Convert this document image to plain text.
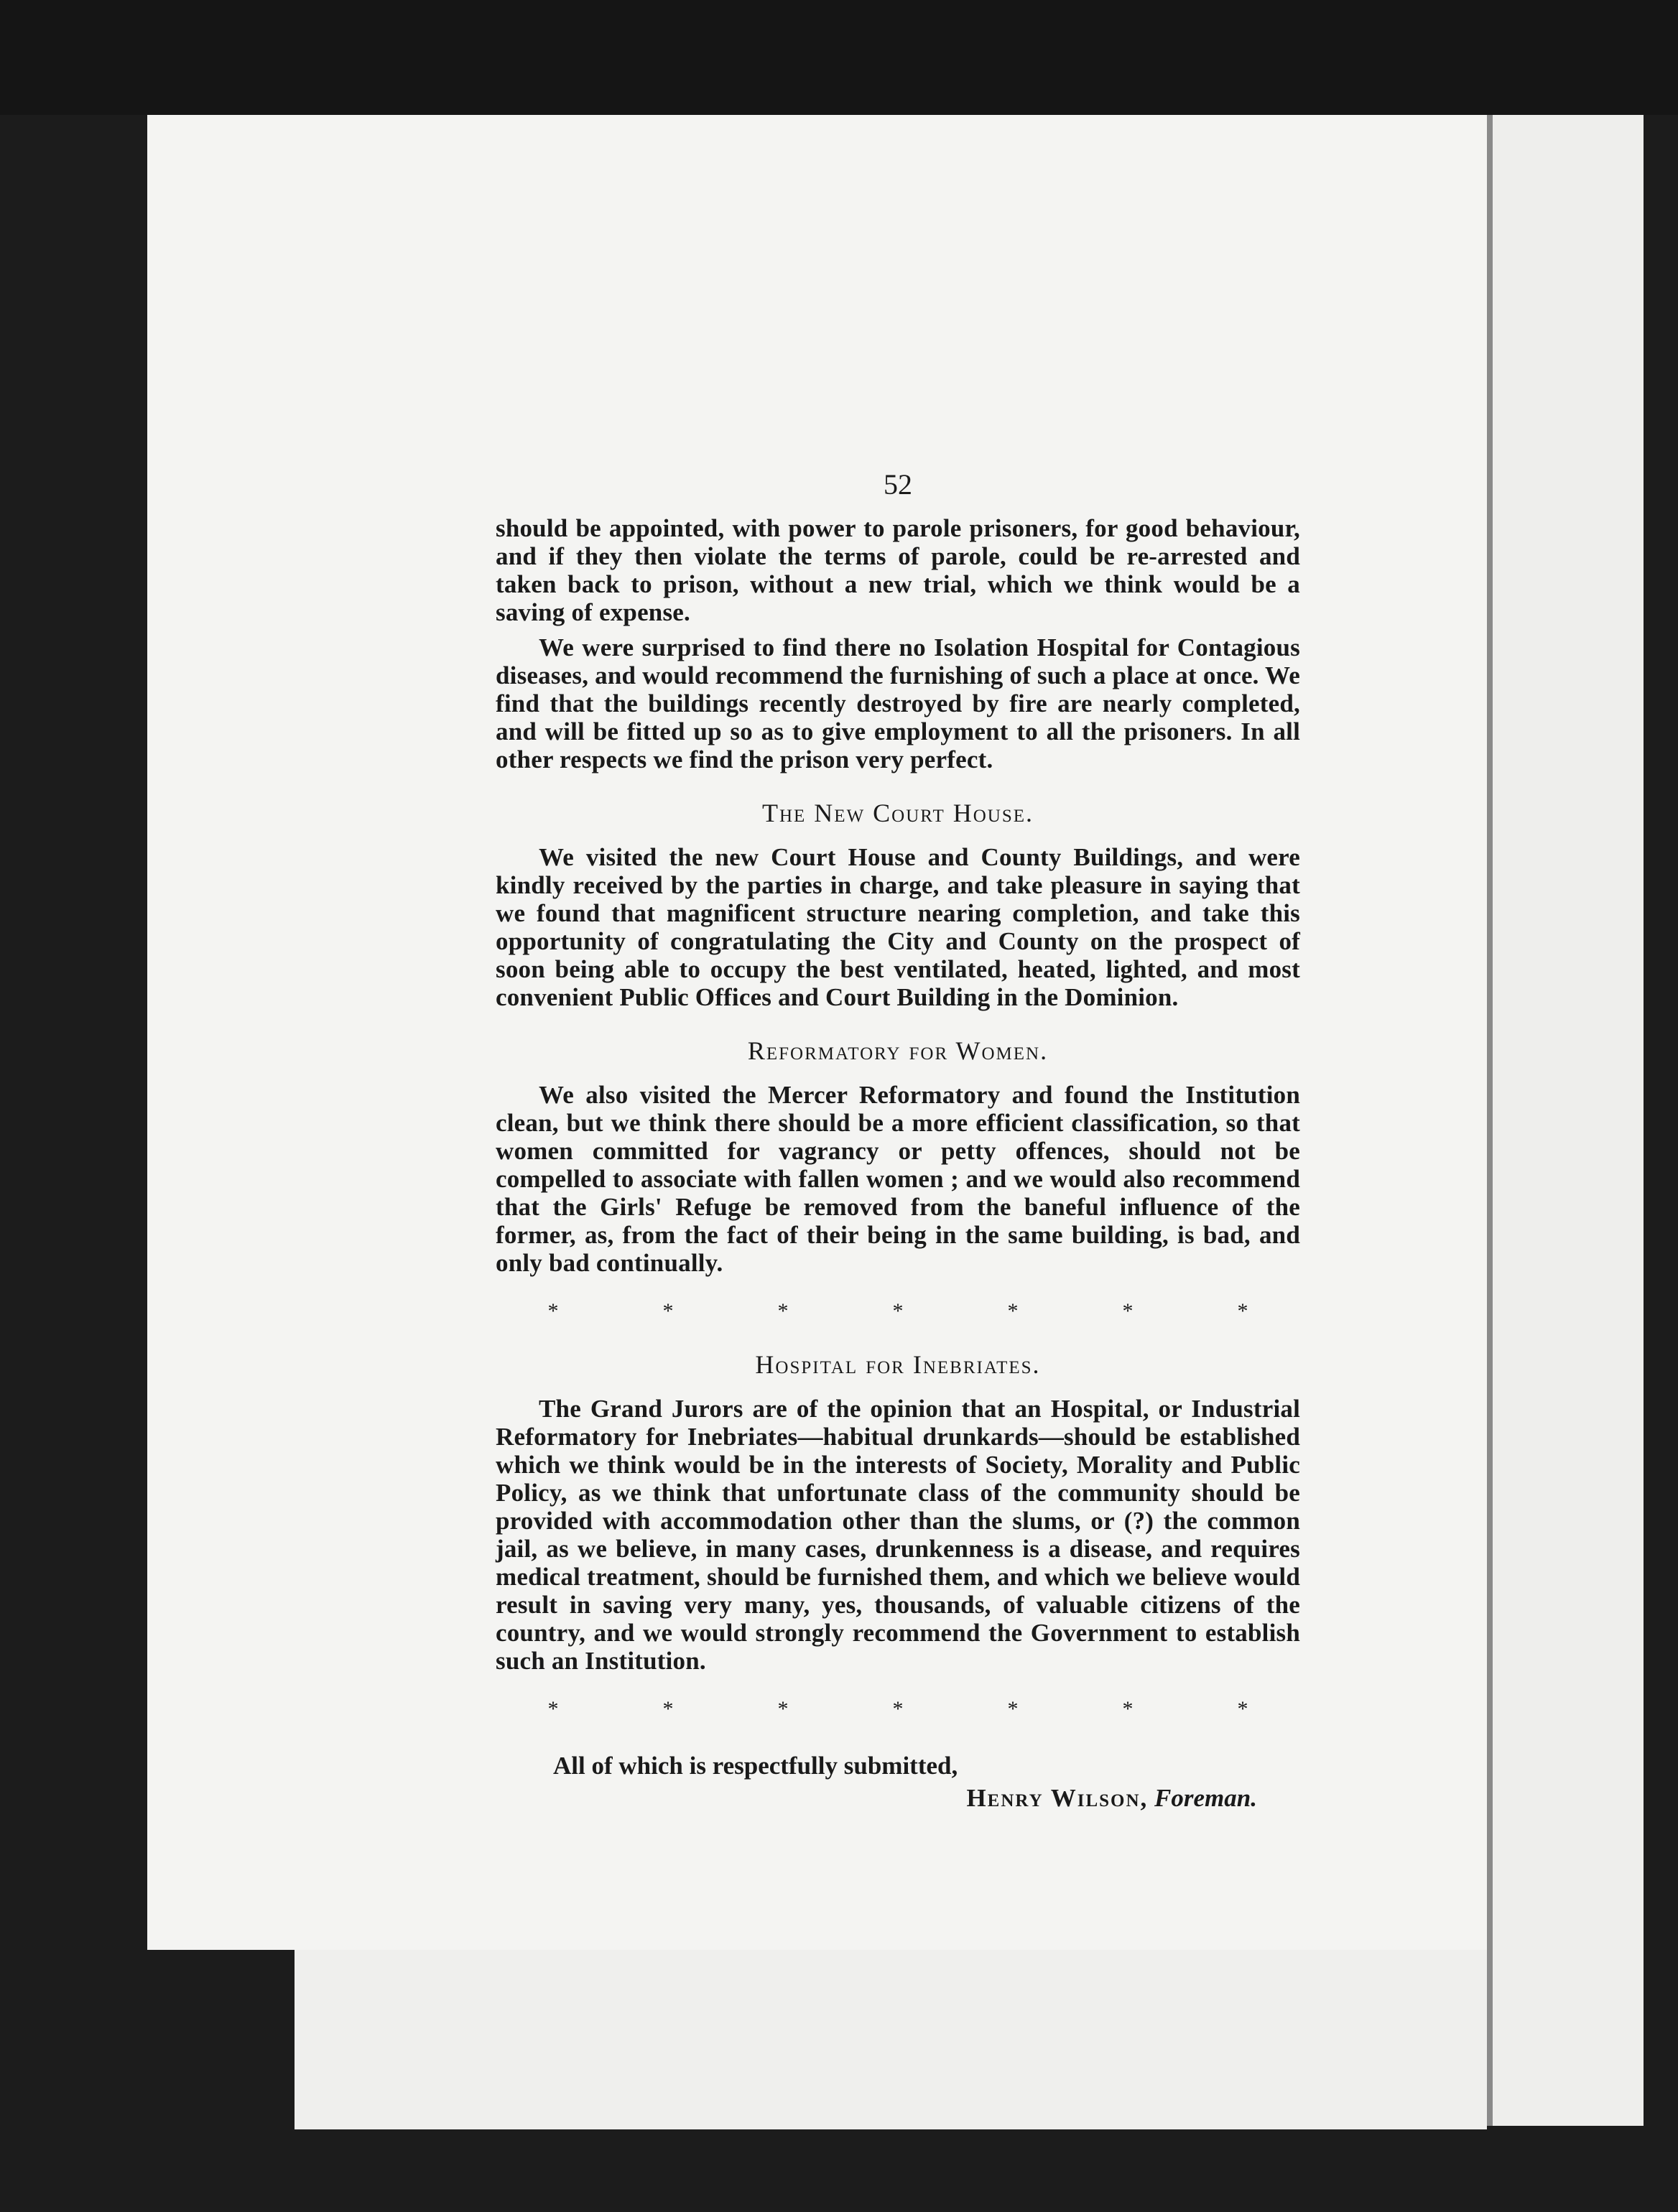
52

should be appointed, with power to parole prisoners, for good behaviour, and if they then violate the terms of parole, could be re-arrested and taken back to prison, without a new trial, which we think would be a saving of expense.

We were surprised to find there no Isolation Hospital for Contagious diseases, and would recommend the furnishing of such a place at once. We find that the buildings recently destroyed by fire are nearly completed, and will be fitted up so as to give employment to all the prisoners. In all other respects we find the prison very perfect.

The New Court House.

We visited the new Court House and County Buildings, and were kindly received by the parties in charge, and take pleasure in saying that we found that magnificent structure nearing completion, and take this opportunity of congratulating the City and County on the prospect of soon being able to occupy the best ventilated, heated, lighted, and most convenient Public Offices and Court Building in the Dominion.

Reformatory for Women.

We also visited the Mercer Reformatory and found the Institution clean, but we think there should be a more efficient classification, so that women committed for vagrancy or petty offences, should not be compelled to associate with fallen women ; and we would also recommend that the Girls' Refuge be removed from the baneful influence of the former, as, from the fact of their being in the same building, is bad, and only bad continually.

*	*	*	*	*	*	*
Hospital for Inebriates.

The Grand Jurors are of the opinion that an Hospital, or Industrial Reformatory for Inebriates—habitual drunkards—should be established which we think would be in the interests of Society, Morality and Public Policy, as we think that unfortunate class of the community should be provided with accommodation other than the slums, or (?) the common jail, as we believe, in many cases, drunkenness is a disease, and requires medical treatment, should be furnished them, and which we believe would result in saving very many, yes, thousands, of valuable citizens of the country, and we would strongly recommend the Government to establish such an Institution.

*	*	*	*	*	*	*
All of which is respectfully submitted,
Henry Wilson, Foreman.
